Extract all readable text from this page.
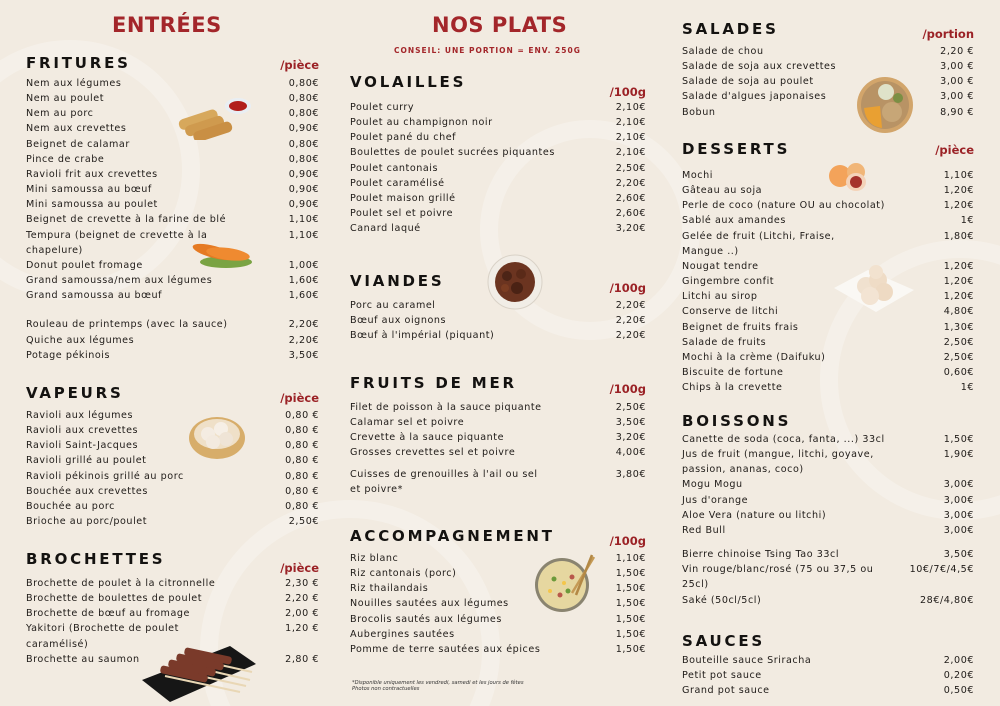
ENTRÉES
FRITURES	/pièce
Nem aux légumes	0,80€
Nem au poulet	0,80€
Nem au porc	0,80€
Nem aux crevettes	0,90€
Beignet de calamar	0,80€
Pince de crabe	0,80€
Ravioli frit aux crevettes	0,90€
Mini samoussa au bœuf	0,90€
Mini samoussa au poulet	0,90€
Beignet de crevette à la farine de blé	1,10€
Tempura (beignet de crevette à la chapelure)
1,10€
Donut poulet fromage	1,00€
Grand samoussa/nem aux légumes	1,60€
Grand samoussa au bœuf	1,60€
Rouleau de printemps (avec la sauce)	2,20€
Quiche aux légumes	2,20€
Potage pékinois	3,50€
VAPEURS	/pièce
Ravioli aux légumes	0,80 €
Ravioli aux crevettes	0,80 €
Ravioli Saint-Jacques	0,80 €
Ravioli grillé au poulet	0,80 €
Ravioli pékinois grillé au porc	0,80 €
Bouchée aux crevettes	0,80 €
Bouchée au porc	0,80 €
Brioche au porc/poulet	2,50€
BROCHETTES	/pièce
Brochette de poulet à la citronnelle	2,30 €
Brochette de boulettes de poulet	2,20 €
Brochette de bœuf au fromage	2,00 €
Yakitori (Brochette de poulet caramélisé)
1,20 €
Brochette au saumon	2,80 €
NOS PLATS
CONSEIL: UNE PORTION = ENV. 250G
VOLAILLES
/100g
Poulet curry	2,10€
Poulet au champignon noir	2,10€
Poulet pané du chef	2,10€
Boulettes de poulet sucrées piquantes	2,10€
Poulet cantonais	2,50€
Poulet caramélisé	2,20€
Poulet maison grillé	2,60€
Poulet sel et poivre	2,60€
Canard laqué	3,20€
VIANDES	/100g
Porc au caramel	2,20€
Bœuf aux oignons	2,20€
Bœuf à l'impérial (piquant)	2,20€
FRUITS DE MER	/100g
Filet de poisson à la sauce piquante	2,50€
Calamar sel et poivre	3,50€
Crevette à la sauce piquante	3,20€
Grosses crevettes sel et poivre	4,00€
Cuisses de grenouilles à l'ail ou sel et poivre*
3,80€
ACCOMPAGNEMENT	/100g
Riz blanc	1,10€
Riz cantonais (porc)	1,50€
Riz thailandais	1,50€
Nouilles sautées aux légumes	1,50€
Brocolis sautés aux légumes	1,50€
Aubergines sautées	1,50€
Pomme de terre sautées aux épices	1,50€
*Disponible uniquement les vendredi, samedi et les jours de fêtes
Photos non contractuelles
SALADES	/portion
Salade de chou	2,20 €
Salade de soja aux crevettes	3,00 €
Salade de soja au poulet	3,00 €
Salade d'algues japonaises	3,00 €
Bobun	8,90 €
DESSERTS	/pièce
Mochi	1,10€
Gâteau au soja	1,20€
Perle de coco (nature OU au chocolat)	1,20€
Sablé aux amandes	1€
Gelée de fruit (Litchi, Fraise, Mangue ..)
1,80€
Nougat tendre	1,20€
Gingembre confit	1,20€
Litchi au sirop	1,20€
Conserve de litchi	4,80€
Beignet de fruits frais	1,30€
Salade de fruits	2,50€
Mochi à la crème (Daifuku)	2,50€
Biscuite de fortune	0,60€
Chips à la crevette	1€
BOISSONS
Canette de soda (coca, fanta, ...) 33cl	1,50€
Jus de fruit (mangue, litchi, goyave, passion, ananas, coco)
1,90€
Mogu Mogu	3,00€
Jus d'orange	3,00€
Aloe Vera (nature ou litchi)	3,00€
Red Bull	3,00€
Bierre chinoise Tsing Tao 33cl	3,50€
Vin rouge/blanc/rosé (75 ou 37,5 ou 25cl)
10€/7€/4,5€
Saké (50cl/5cl)	28€/4,80€
SAUCES
Bouteille sauce Sriracha	2,00€
Petit pot sauce	0,20€
Grand pot sauce	0,50€
